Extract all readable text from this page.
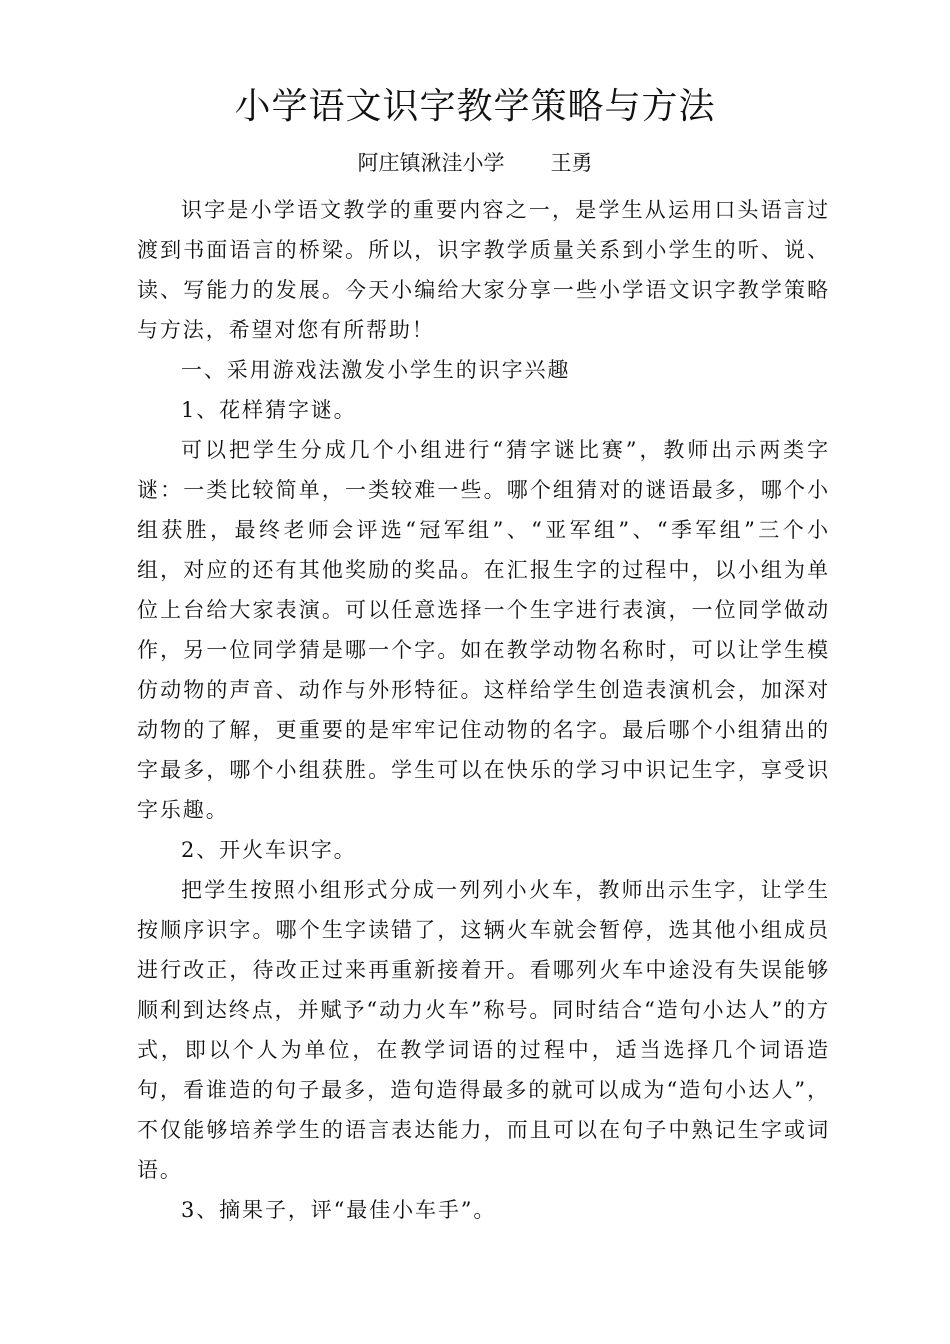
小学语文识字教学策略与方法
阿庄镇湫洼小学 王勇

识字是小学语文教学的重要内容之一，是学生从运用口头语言过渡到书面语言的桥梁。所以，识字教学质量关系到小学生的听、说、读、写能力的发展。今天小编给大家分享一些小学语文识字教学策略与方法，希望对您有所帮助！

一、采用游戏法激发小学生的识字兴趣

1、花样猜字谜。

可以把学生分成几个小组进行“猜字谜比赛”，教师出示两类字谜：一类比较简单，一类较难一些。哪个组猜对的谜语最多，哪个小组获胜，最终老师会评选“冠军组”、“亚军组”、“季军组”三个小组，对应的还有其他奖励的奖品。在汇报生字的过程中，以小组为单位上台给大家表演。可以任意选择一个生字进行表演，一位同学做动作，另一位同学猜是哪一个字。如在教学动物名称时，可以让学生模仿动物的声音、动作与外形特征。这样给学生创造表演机会，加深对动物的了解，更重要的是牢牢记住动物的名字。最后哪个小组猜出的字最多，哪个小组获胜。学生可以在快乐的学习中识记生字，享受识字乐趣。

2、开火车识字。

把学生按照小组形式分成一列列小火车，教师出示生字，让学生按顺序识字。哪个生字读错了，这辆火车就会暂停，选其他小组成员进行改正，待改正过来再重新接着开。看哪列火车中途没有失误能够顺利到达终点，并赋予“动力火车”称号。同时结合“造句小达人”的方式，即以个人为单位，在教学词语的过程中，适当选择几个词语造句，看谁造的句子最多，造句造得最多的就可以成为“造句小达人”，不仅能够培养学生的语言表达能力，而且可以在句子中熟记生字或词语。

3、摘果子，评“最佳小车手”。
